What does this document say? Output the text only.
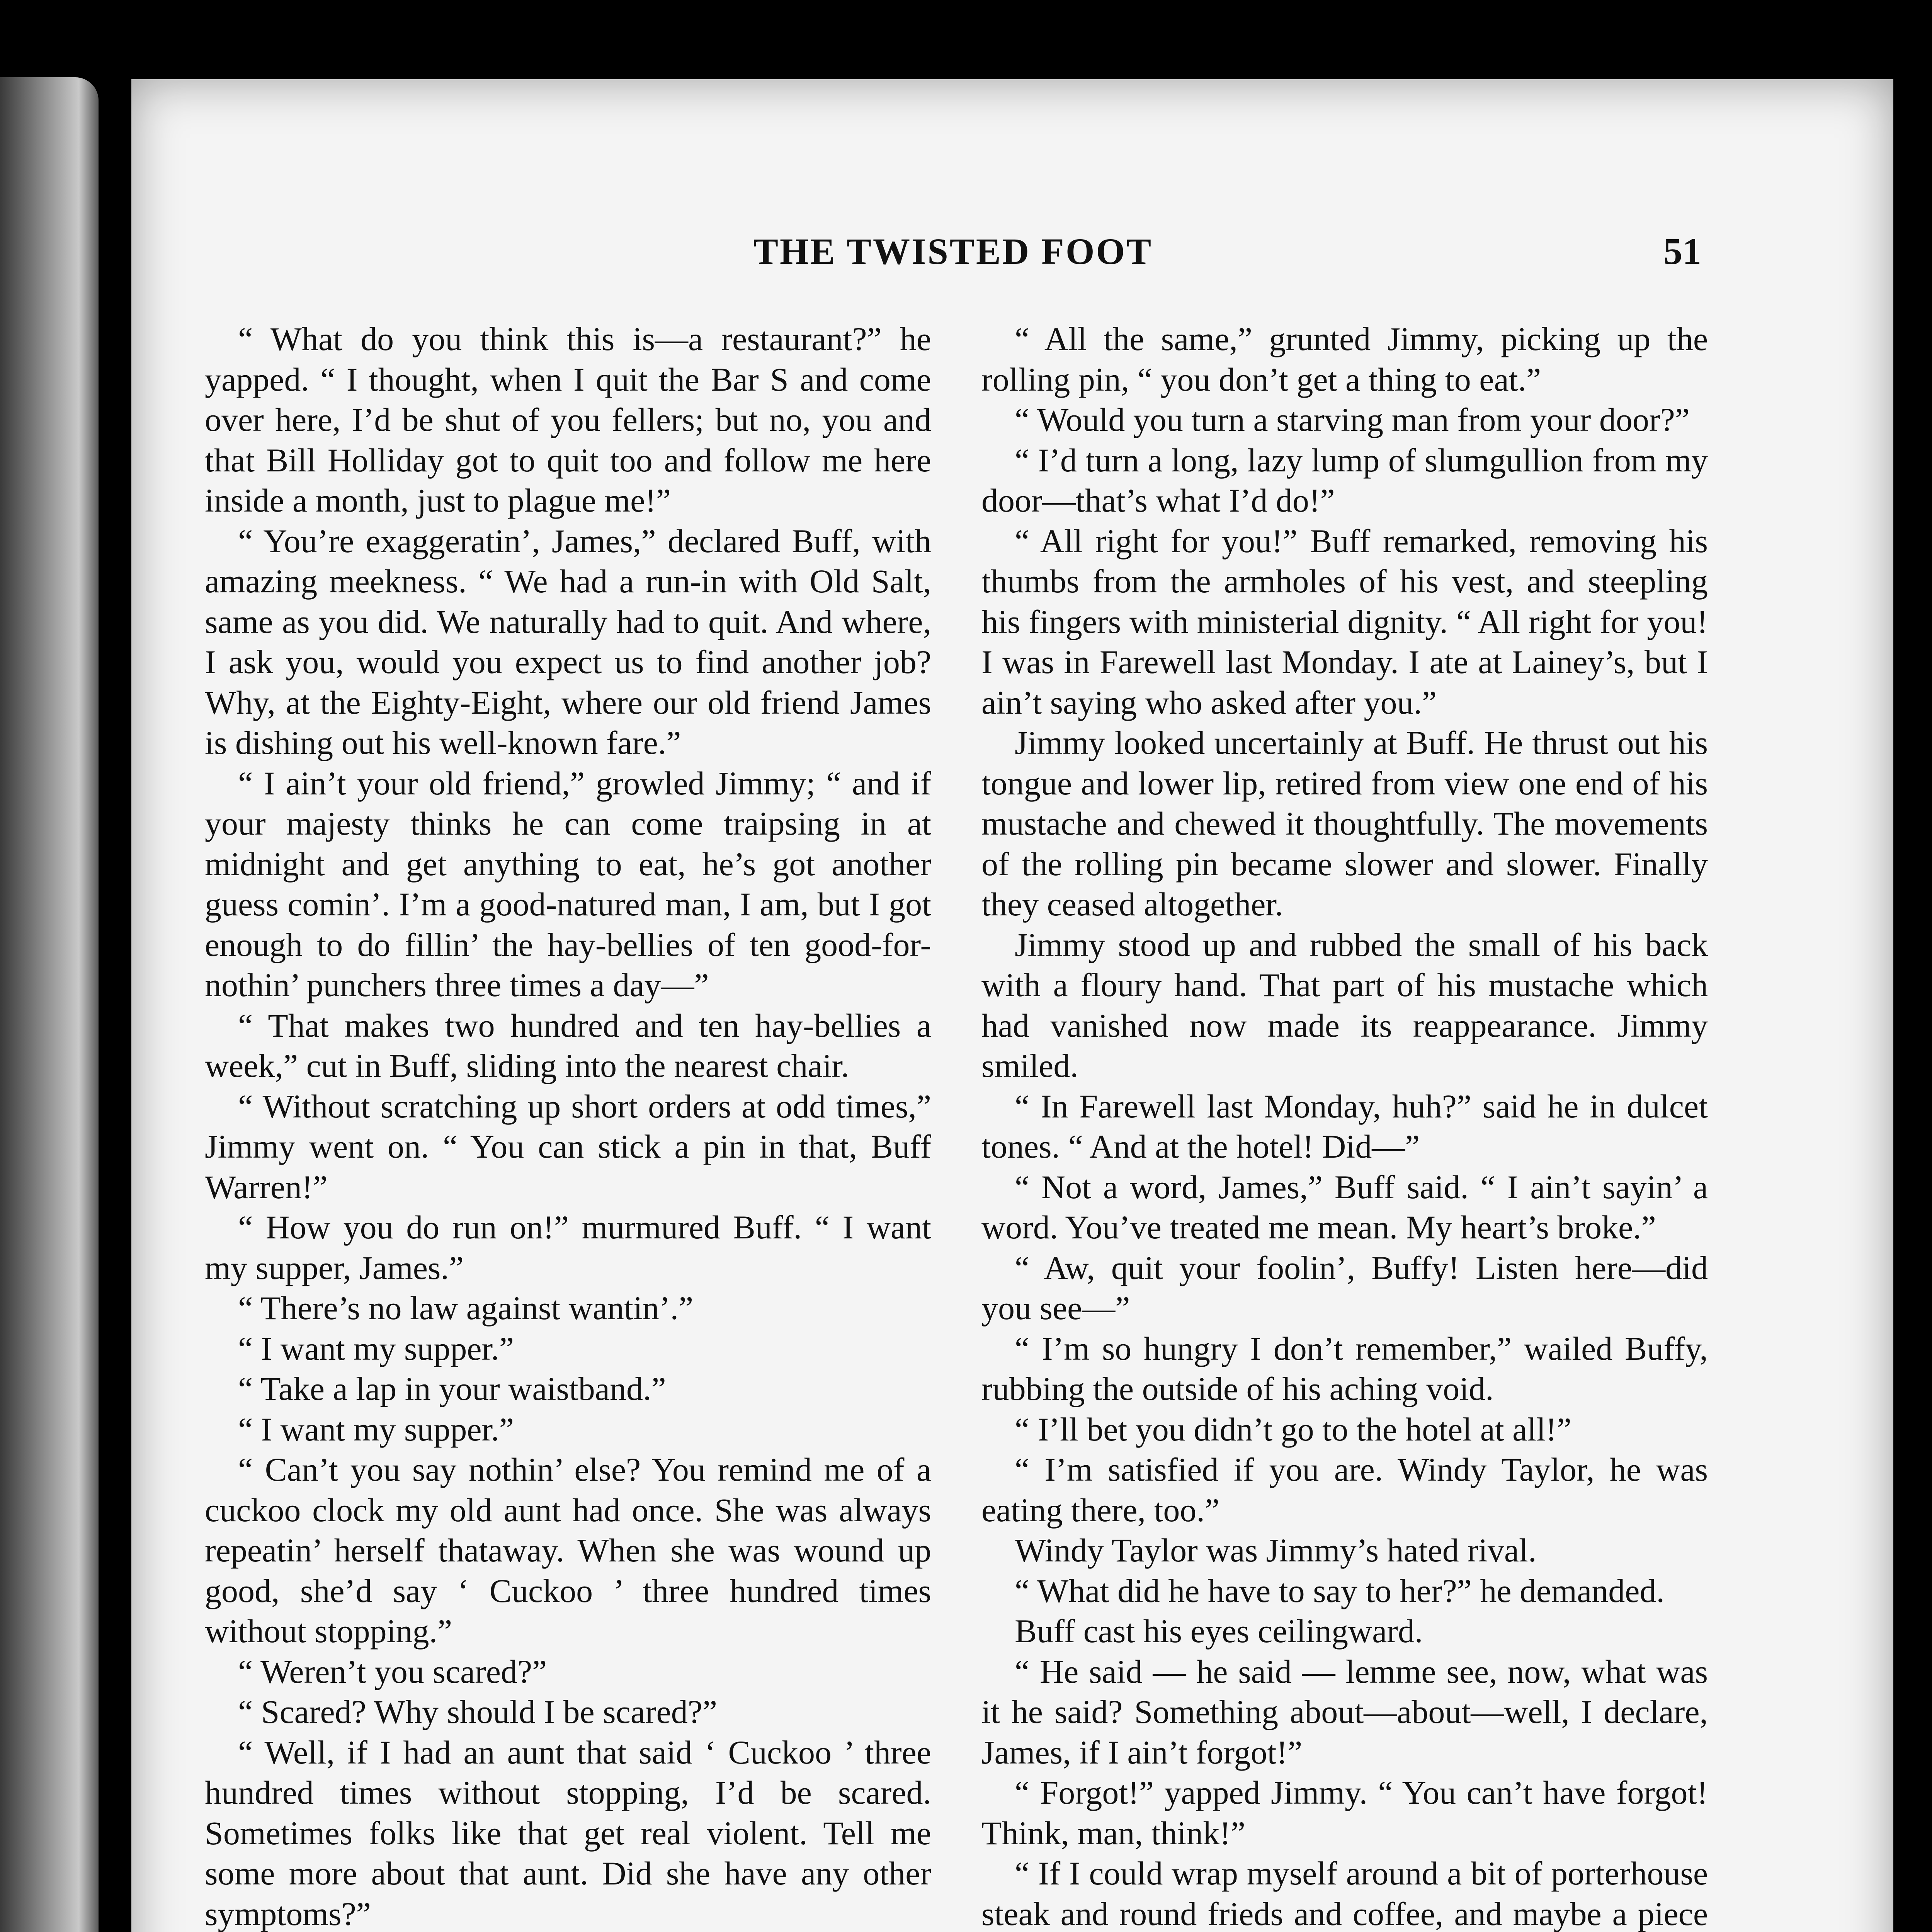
THE TWISTED FOOT	51

“ What do you think this is—a restaurant?” he yapped. “ I thought, when I quit the Bar S and come over here, I’d be shut of you fellers; but no, you and that Bill Holliday got to quit too and follow me here inside a month, just to plague me!”

“ You’re exaggeratin’, James,” declared Buff, with amazing meekness. “ We had a run-in with Old Salt, same as you did. We naturally had to quit. And where, I ask you, would you expect us to find another job? Why, at the Eighty-Eight, where our old friend James is dishing out his well-known fare.”

“ I ain’t your old friend,” growled Jimmy; “ and if your majesty thinks he can come traipsing in at midnight and get anything to eat, he’s got another guess comin’. I’m a good-natured man, I am, but I got enough to do fillin’ the hay-bellies of ten good-for-nothin’ punchers three times a day—”

“ That makes two hundred and ten hay-bellies a week,” cut in Buff, sliding into the nearest chair.

“ Without scratching up short orders at odd times,” Jimmy went on. “ You can stick a pin in that, Buff Warren!”

“ How you do run on!” murmured Buff. “ I want my supper, James.”

“ There’s no law against wantin’.”

“ I want my supper.”

“ Take a lap in your waistband.”

“ I want my supper.”

“ Can’t you say nothin’ else? You remind me of a cuckoo clock my old aunt had once. She was always repeatin’ herself thataway. When she was wound up good, she’d say ‘ Cuckoo ’ three hundred times without stopping.”

“ Weren’t you scared?”

“ Scared? Why should I be scared?”

“ Well, if I had an aunt that said ‘ Cuckoo ’ three hundred times without stopping, I’d be scared. Sometimes folks like that get real violent. Tell me some more about that aunt. Did she have any other symptoms?”

“ All the same,” grunted Jimmy, picking up the rolling pin, “ you don’t get a thing to eat.”

“ Would you turn a starving man from your door?”

“ I’d turn a long, lazy lump of slumgullion from my door—that’s what I’d do!”

“ All right for you!” Buff remarked, removing his thumbs from the armholes of his vest, and steepling his fingers with ministerial dignity. “ All right for you! I was in Farewell last Monday. I ate at Lainey’s, but I ain’t saying who asked after you.”

Jimmy looked uncertainly at Buff. He thrust out his tongue and lower lip, retired from view one end of his mustache and chewed it thoughtfully. The movements of the rolling pin became slower and slower. Finally they ceased altogether.

Jimmy stood up and rubbed the small of his back with a floury hand. That part of his mustache which had vanished now made its reappearance. Jimmy smiled.

“ In Farewell last Monday, huh?” said he in dulcet tones. “ And at the hotel! Did—”

“ Not a word, James,” Buff said. “ I ain’t sayin’ a word. You’ve treated me mean. My heart’s broke.”

“ Aw, quit your foolin’, Buffy! Listen here—did you see—”

“ I’m so hungry I don’t remember,” wailed Buffy, rubbing the outside of his aching void.

“ I’ll bet you didn’t go to the hotel at all!”

“ I’m satisfied if you are. Windy Taylor, he was eating there, too.”

Windy Taylor was Jimmy’s hated rival.

“ What did he have to say to her?” he demanded.

Buff cast his eyes ceilingward.

“ He said — he said — lemme see, now, what was it he said? Something about—about—well, I declare, James, if I ain’t forgot!”

“ Forgot!” yapped Jimmy. “ You can’t have forgot! Think, man, think!”

“ If I could wrap myself around a bit of porterhouse steak and round frieds and coffee, and maybe a piece
